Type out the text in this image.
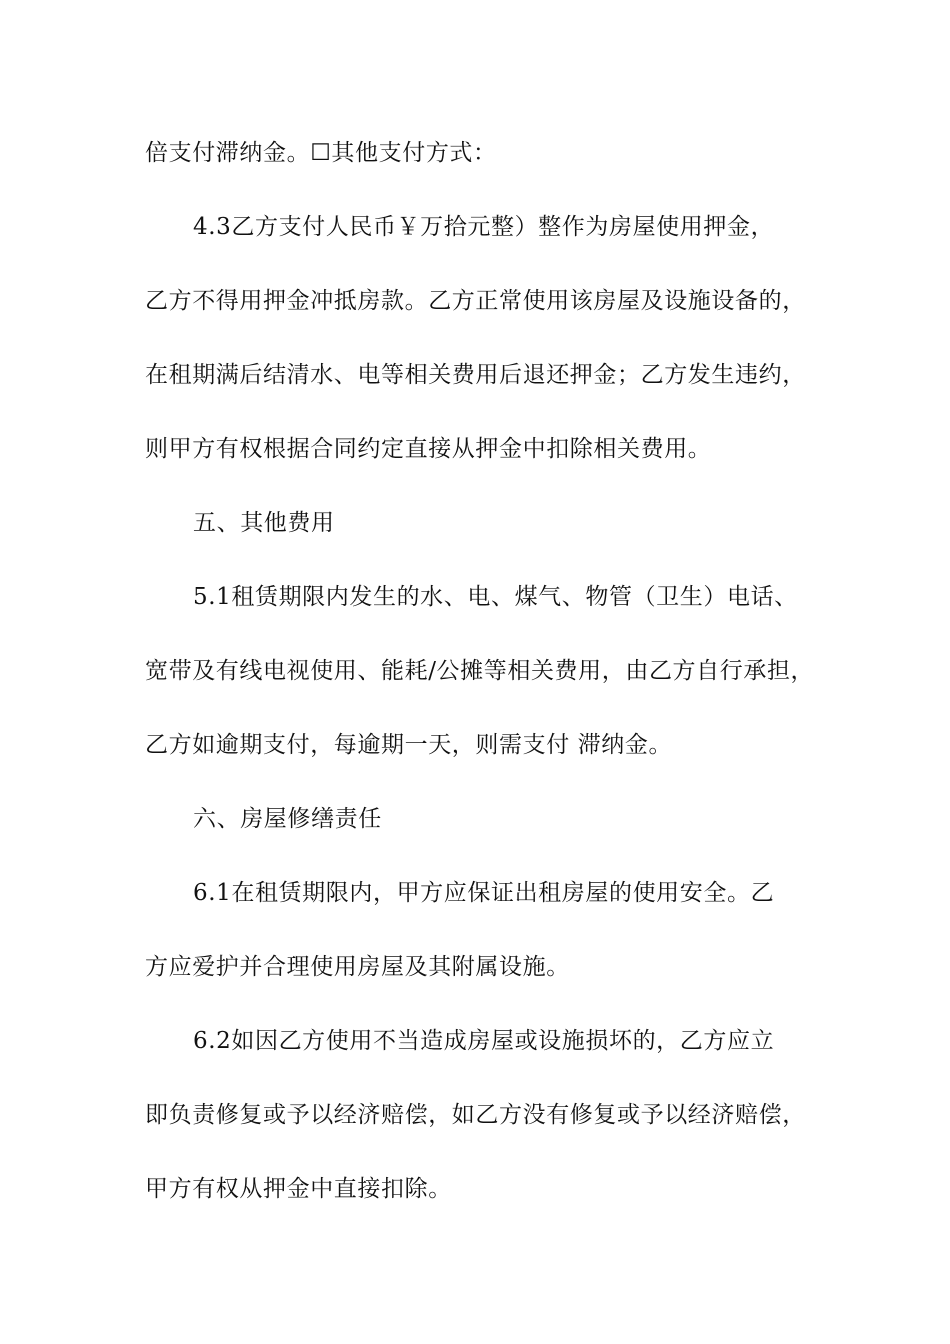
倍支付滞纳金。☐其他支付方式：
4.3乙方支付人民币￥万拾元整）整作为房屋使用押金，
乙方不得用押金冲抵房款。乙方正常使用该房屋及设施设备的，
在租期满后结清水、电等相关费用后退还押金；乙方发生违约，
则甲方有权根据合同约定直接从押金中扣除相关费用。
五、其他费用
5.1租赁期限内发生的水、电、煤气、物管（卫生）电话、
宽带及有线电视使用、能耗/公摊等相关费用，由乙方自行承担，
乙方如逾期支付，每逾期一天，则需支付 滞纳金。
六、房屋修缮责任
6.1在租赁期限内，甲方应保证出租房屋的使用安全。乙
方应爱护并合理使用房屋及其附属设施。
6.2如因乙方使用不当造成房屋或设施损坏的，乙方应立
即负责修复或予以经济赔偿，如乙方没有修复或予以经济赔偿，
甲方有权从押金中直接扣除。
